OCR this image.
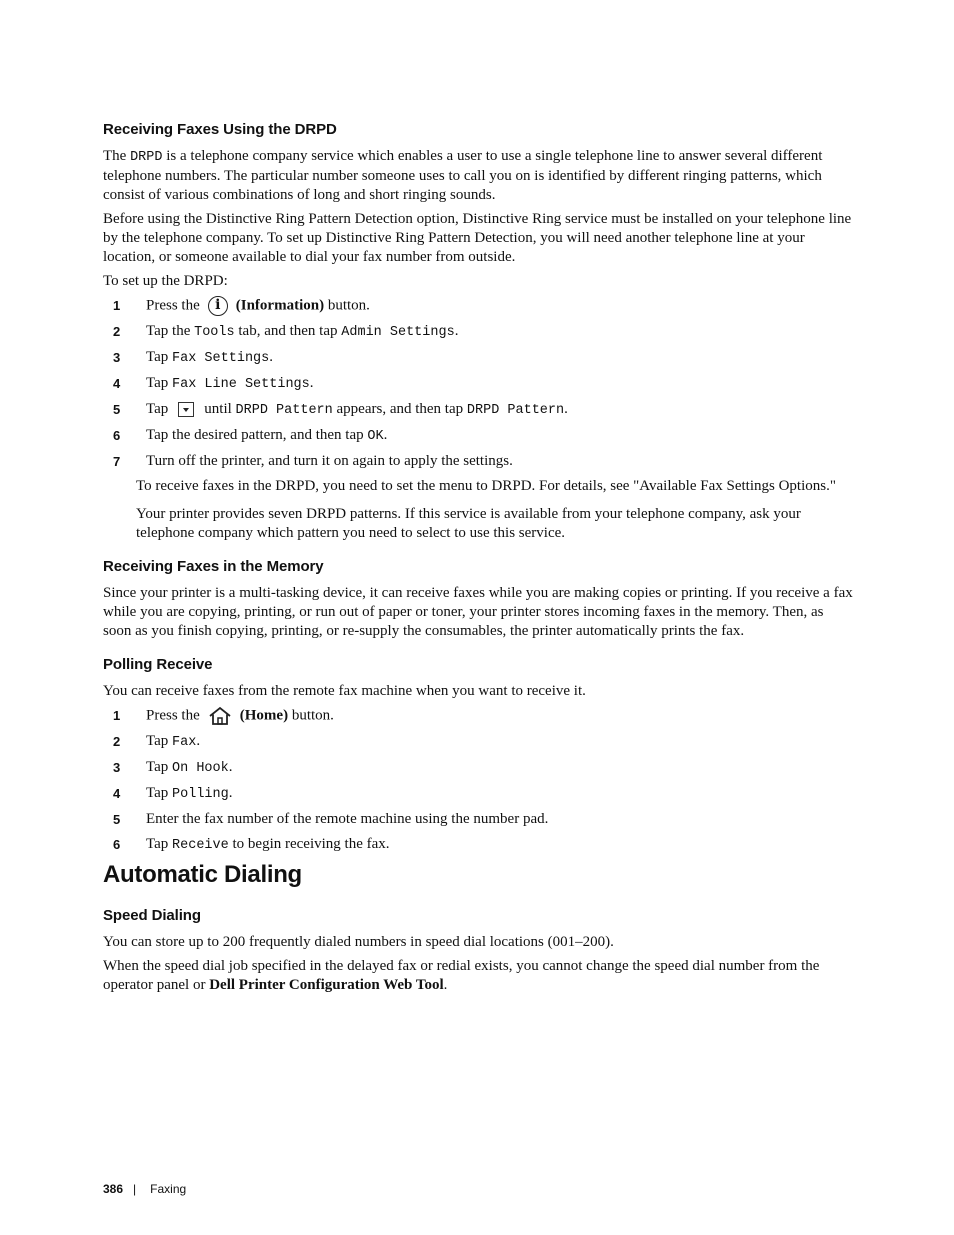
Receiving Faxes Using the DRPD
The DRPD is a telephone company service which enables a user to use a single telephone line to answer several different telephone numbers. The particular number someone uses to call you on is identified by different ringing patterns, which consist of various combinations of long and short ringing sounds.
Before using the Distinctive Ring Pattern Detection option, Distinctive Ring service must be installed on your telephone line by the telephone company. To set up Distinctive Ring Pattern Detection, you will need another telephone line at your location, or someone available to dial your fax number from outside.
To set up the DRPD:
1	Press the i (Information) button.
2	Tap the Tools tab, and then tap Admin Settings.
3	Tap Fax Settings.
4	Tap Fax Line Settings.
5	Tap until DRPD Pattern appears, and then tap DRPD Pattern.
6	Tap the desired pattern, and then tap OK.
7	Turn off the printer, and turn it on again to apply the settings.
To receive faxes in the DRPD, you need to set the menu to DRPD. For details, see "Available Fax Settings Options."
Your printer provides seven DRPD patterns. If this service is available from your telephone company, ask your telephone company which pattern you need to select to use this service.
Receiving Faxes in the Memory
Since your printer is a multi-tasking device, it can receive faxes while you are making copies or printing. If you receive a fax while you are copying, printing, or run out of paper or toner, your printer stores incoming faxes in the memory. Then, as soon as you finish copying, printing, or re-supply the consumables, the printer automatically prints the fax.
Polling Receive
You can receive faxes from the remote fax machine when you want to receive it.
1	Press the	(Home) button.
2	Tap Fax.
3	Tap On Hook.
4	Tap Polling.
5	Enter the fax number of the remote machine using the number pad.
6	Tap Receive to begin receiving the fax.
Automatic Dialing
Speed Dialing
You can store up to 200 frequently dialed numbers in speed dial locations (001–200).
When the speed dial job specified in the delayed fax or redial exists, you cannot change the speed dial number from the operator panel or Dell Printer Configuration Web Tool.
386 | Faxing
